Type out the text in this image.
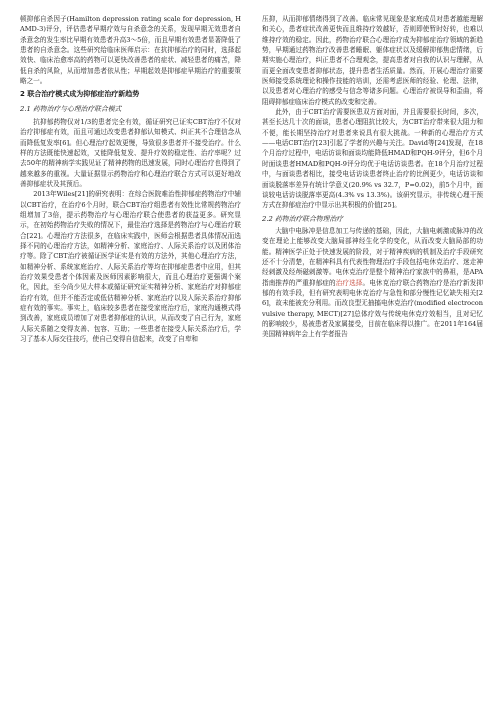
顿抑郁自杀因子(Hamilton depression rating scale for depression, HAMD-3)评分，评估患者早期疗效与自杀意念的关系，发现早期无效患者自杀意念的发生率比早期有效患者升高3～5倍，而且早期有效患者显著降低了患者的自杀意念。这些研究给临床医师启示：在抗抑郁治疗的同时，选择起效快、临床治愈率高的药物可以更快改善患者的症状、减轻患者的痛苦，降低自杀的风险，从而增加患者依从性；早期起效是抑郁症早期治疗的重要策略之一。

2 联合治疗模式成为抑郁症治疗新趋势
2.1 药物治疗与心理治疗联合模式

抗抑郁药物仅对1/3的患者完全有效，循证研究已证实CBT治疗不仅对治疗抑郁症有效，而且可通过改变患者抑郁认知模式、纠正其不合理信念从而降低复发率[6]。但心理治疗起效更慢，导致很多患者并不接受治疗。什么样的方法既能快速起效，又能降低复发、提升疗效的稳定性、治疗率呢？过去50年的精神病学实践见证了精神药物的迅速发展，同时心理治疗也得到了越来越多的重视。大量证据显示药物治疗和心理治疗联合方式可以更好地改善抑郁症状及其预后。

2013年Wiles[21]的研究表明：在综合医院难治性抑郁症药物治疗中辅以CBT治疗，在治疗6个月时，联合CBT治疗组患者有效性比常规药物治疗组增加了3倍，提示药物治疗与心理治疗联合使患者的获益更多。研究显示，在初始药物治疗失败的情况下，最佳治疗选择是药物治疗与心理治疗联合[22]。心理治疗方法很多，在临床实践中，医师会根据患者具体情况而选择不同的心理治疗方法，如精神分析、家庭治疗、人际关系治疗以及团体治疗等。除了CBT治疗被循证医学证实是有效的方法外，其他心理治疗方法，如精神分析、系统家庭治疗、人际关系治疗等均在抑郁症患者中应用，但其治疗效果受患者个体因素及医师因素影响很大，而且心理治疗更强调个案化，因此，至今尚少见大样本或循证研究证实精神分析、家庭治疗对抑郁症治疗有效，但并不能否定或低估精神分析、家庭治疗以及人际关系治疗抑郁症有效的事实。事实上，临床较多患者在接受家庭治疗后，家庭沟通模式得到改善，家庭成员增加了对患者抑郁症的认识，从而改变了自己行为，家庭人际关系随之变得友善、包容、互助；一些患者在接受人际关系治疗后，学习了基本人际交往技巧，使自己变得自信起来，改变了自卑和

压抑，从而抑郁情绪得到了改善。临床常见现象是家庭成员对患者越能理解和关心，患者症状改善更快而且维持疗效越好，否则即使暂时好转，也难以维持疗效的稳定。因此，药物治疗联合心理治疗成为抑郁症治疗领域的新趋势，早期通过药物治疗改善患者睡眠、躯体症状以及缓解抑郁焦虑情绪，后期实施心理治疗，纠正患者不合理观念，提高患者对自我的认识与理解，从而更全面改变患者抑郁状态，提升患者生活质量。然而，开展心理治疗需要医师接受系统理论和操作技能的培训，还需考虑医师的经验、伦理、法律，以及患者对心理治疗的感受与信念等诸多问题。心理治疗被误导和歪曲，将阻碍抑郁症临床治疗模式的改变和完善。

此外，由于CBT治疗需要医患双方面对面，并且需要很长时间，多次，甚至长达几十次的面谈，患者心理阻抗比较大，为CBT治疗带来很大阻力和不便，能长期坚持治疗对患者来说具有很大挑战。一种新的心理治疗方式——电话CBT治疗[23]引起了学者的兴趣与关注。David等[24]发现，在18个月治疗过程中，电话访谈和面谈均能降低HMAD和PQH-9评分，但6个月时面谈患者HMAD和PQH-9评分均优于电话访谈患者。在18个月治疗过程中，与面谈患者相比，接受电话访谈患者终止治疗的比例更少，电话访谈和面谈脱落率差异有统计学意义(20.9% vs 32.7，P=0.02)，前5个月中，面谈较电话访谈脱落率更高(4.3% vs 13.3%)。该研究显示，非传统心理干预方式在抑郁症治疗中显示出其积极的价值[25]。

2.2 药物治疗联合物理治疗

大脑中电脉冲是信息加工与传递的基础，因此，大脑电刺激或脉冲的改变在理论上能够改变大脑局部神经生化学的变化，从而改变大脑局部的功能。精神医学正处于快速发展的阶段，对于精神疾病的机制及治疗手段研究还不十分清楚，在精神科具有代表性物理治疗手段包括电休克治疗、迷走神经刺激及经颅磁刺激等。电休克治疗是整个精神治疗家族中的鼻祖，是APA指南推荐的严重抑郁症的治疗选择。电休克治疗联合药物治疗是治疗新发抑郁的有效手段，但有研究表明电休克治疗与急性和部分慢性记忆缺失相关[26]，故未能被充分利用。而改良型无抽搐电休克治疗(modified electroconvulsive therapy, MECT)[27]总体疗效与传统电休克疗效相当，且对记忆的影响较少，易被患者及家属接受，目前在临床得以推广。在2011年164届美国精神病年会上有学者报告
